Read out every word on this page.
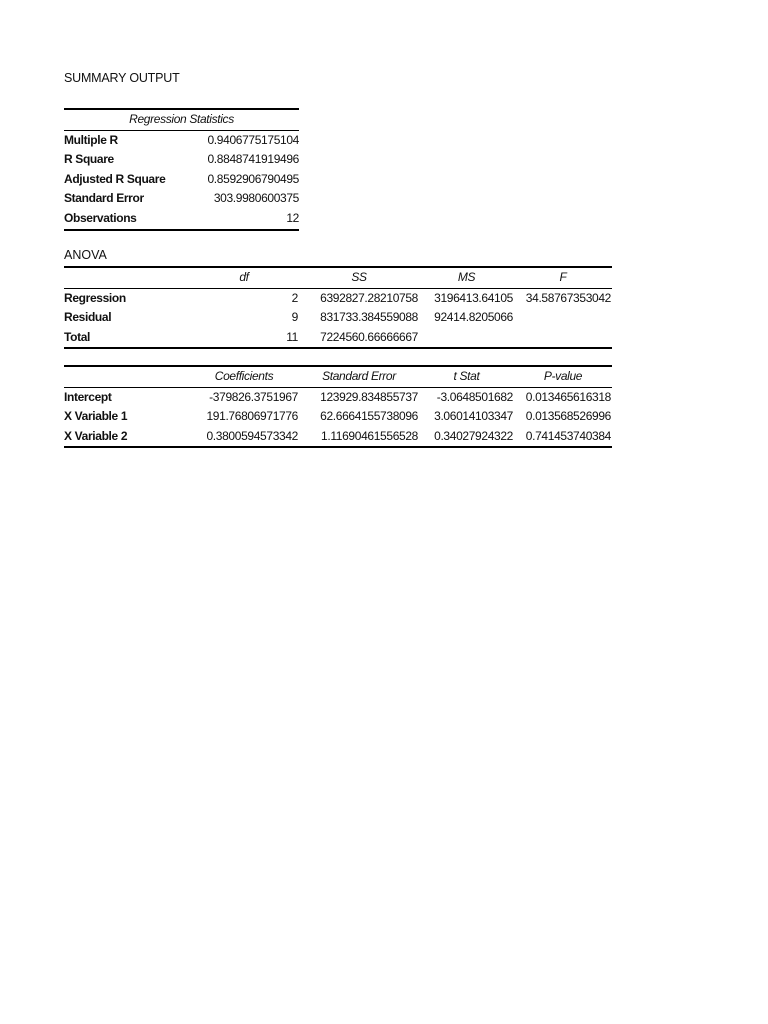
SUMMARY OUTPUT
Regression Statistics	
Multiple R	0.9406775175104
R Square	0.8848741919496
Adjusted R Square	0.8592906790495
Standard Error	303.9980600375
Observations	12
ANOVA
	df	SS	MS	F
Regression	2	6392827.28210758	3196413.64105	34.58767353042
Residual	9	831733.384559088	92414.8205066	
Total	11	7224560.66666667		
	Coefficients	Standard Error	t Stat	P-value
Intercept	-379826.3751967	123929.834855737	-3.0648501682	0.013465616318
X Variable 1	191.76806971776	62.6664155738096	3.06014103347	0.013568526996
X Variable 2	0.3800594573342	1.11690461556528	0.34027924322	0.741453740384
